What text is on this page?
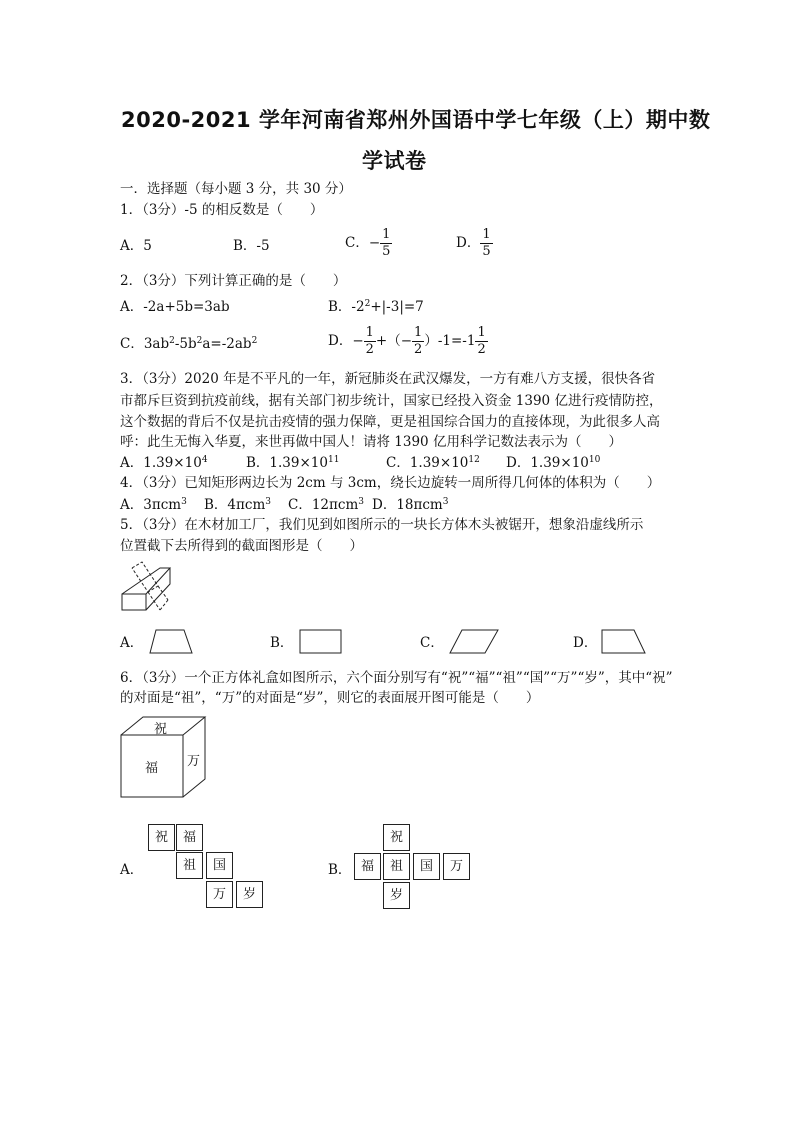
2020-2021 学年河南省郑州外国语中学七年级（上）期中数
学试卷
一．选择题（每小题 3 分，共 30 分）
1．（3分）-5 的相反数是（　　）
A．5	B．-5	C．− $\frac{1}{5}$	D． $\frac{1}{5}$
2．（3分）下列计算正确的是（　　）
A．-2a+5b=3ab	B．$-2^2+|-3|=7$
C．$3ab^2-5b^2a=-2ab^2$	D．− $\frac{1}{2}$ +（− $\frac{1}{2} )-1=-1 \frac{1}{2}$
3．（3分）2020 年是不平凡的一年，新冠肺炎在武汉爆发，一方有难八方支援，很快各省
市都斥巨资到抗疫前线，据有关部门初步统计，国家已经投入资金 1390 亿进行疫情防控，
这个数据的背后不仅是抗击疫情的强力保障，更是祖国综合国力的直接体现，为此很多人高
呼：此生无悔入华夏，来世再做中国人！请将 1390 亿用科学记数法表示为（　　）
A．$1.39\times 10^4$	B．$1.39\times 10^{11}$	C．$1.39\times 10^{12}$ D．$1.39\times 10^{10}$
4．（3分）已知矩形两边长为 2cm 与 3cm，绕长边旋转一周所得几何体的体积为（　　）
A．3πcm$^3$ B．4πcm$^3$ C．12πcm$^3$ D．18πcm$^3$
5．（3分）在木材加工厂，我们见到如图所示的一块长方体木头被锯开，想象沿虚线所示
位置截下去所得到的截面图形是（　　）
A．	B．	C．	D．
6．（3分）一个正方体礼盒如图所示，六个面分别写有“祝”“福”“祖”“国”“万”“岁”，其中“祝”
的对面是“祖”，“万”的对面是“岁”，则它的表面展开图可能是（　　）
祝
福 万
A．
祝	福
祖	国
万	岁
B．
祝
福	祖	国	万
岁
